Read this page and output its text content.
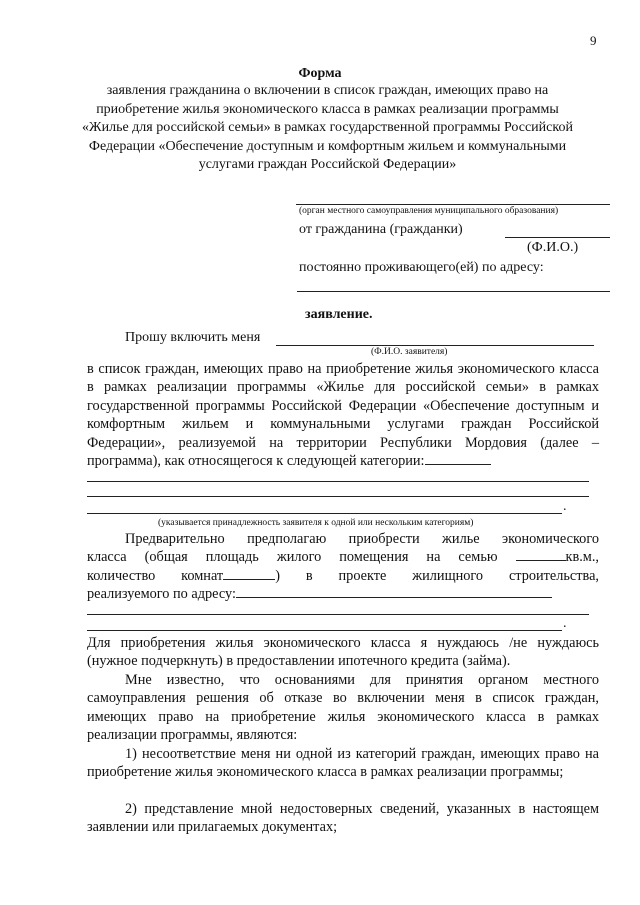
9
Форма
заявления гражданина о включении в список граждан, имеющих право на приобретение жилья экономического класса в рамках реализации программы «Жилье для российской семьи» в рамках государственной программы Российской Федерации «Обеспечение доступным и комфортным жильем и коммунальными услугами граждан Российской Федерации»
(орган местного самоуправления муниципального образования)
от гражданина (гражданки)
(Ф.И.О.)
постоянно проживающего(ей) по адресу:
заявление.
Прошу включить меня
(Ф.И.О. заявителя)

в список граждан, имеющих право на приобретение жилья экономического класса в рамках реализации программы «Жилье для российской семьи» в рамках государственной программы Российской Федерации «Обеспечение доступным и комфортным жильем и коммунальными услугами граждан Российской Федерации», реализуемой на территории Республики Мордовия (далее – программа), как относящегося к следующей категории:

.
(указывается принадлежность заявителя к одной или нескольким категориям)

Предварительно предполагаю приобрести жилье экономического

класса (общая площадь жилого помещения на семью	кв.м.,

количество комнат	) в проекте жилищного строительства,

реализуемого по адресу:

.

Для приобретения жилья экономического класса я нуждаюсь /не нуждаюсь (нужное подчеркнуть) в предоставлении ипотечного кредита (займа).

Мне известно, что основаниями для принятия органом местного самоуправления решения об отказе во включении меня в список граждан, имеющих право на приобретение жилья экономического класса в рамках реализации программы, являются:

1) несоответствие меня ни одной из категорий граждан, имеющих право на приобретение жилья экономического класса в рамках реализации программы;

2) представление мной недостоверных сведений, указанных в настоящем заявлении или прилагаемых документах;
